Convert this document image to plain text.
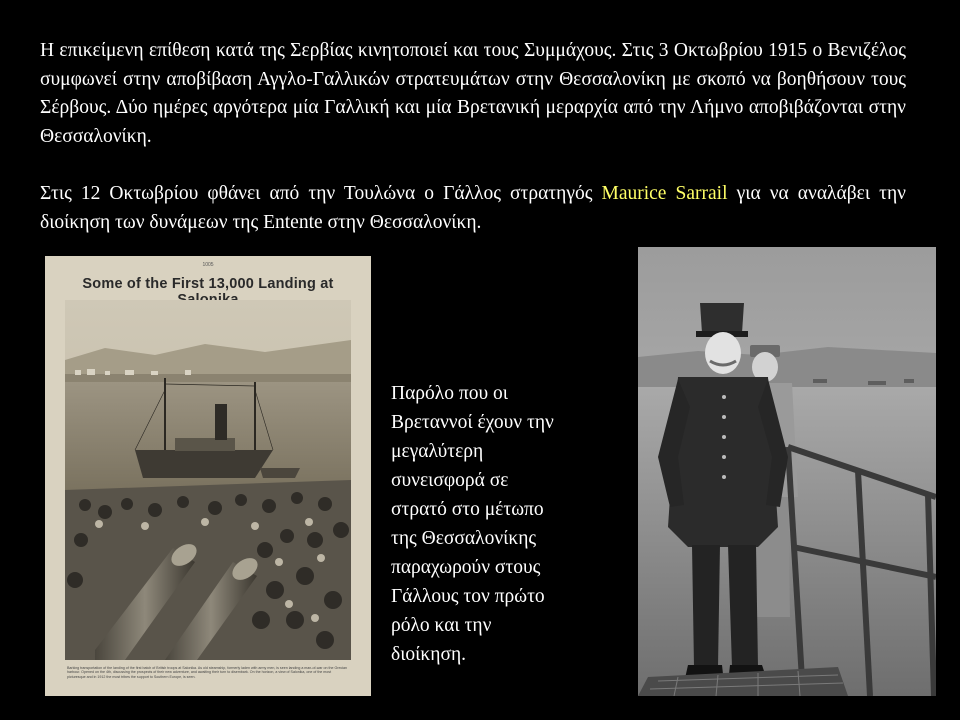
Η επικείμενη επίθεση κατά της Σερβίας κινητοποιεί και τους Συμμάχους. Στις 3 Οκτωβρίου 1915 ο Βενιζέλος συμφωνεί στην αποβίβαση Αγγλο-Γαλλικών στρατευμάτων στην Θεσσαλονίκη με σκοπό να βοηθήσουν τους Σέρβους. Δύο ημέρες αργότερα μία Γαλλική και μία Βρετανική μεραρχία από την Λήμνο αποβιβάζονται στην Θεσσαλονίκη.

Στις 12 Οκτωβρίου φθάνει από την Τουλώνα ο Γάλλος στρατηγός Maurice Sarrail για να αναλάβει την διοίκηση των δυνάμεων της Entente στην Θεσσαλονίκη.

1005
Some of the First 13,000 Landing at
Barking transportation of the landing of the first batch of British troops at Salonika. As old steamship, formerly laden with army men, is seen landing a man-of-war on the Grecian harbour. Opened on the 4th, discussing the prospects of their new adventure, and awaiting their turn to disembark. On the horizon, a view of Salonika, one of the most picturesque and in 1912 the most tribes the support to Southern Europe, is seen.

Παρόλο που οι
Βρεταννοί έχουν την
μεγαλύτερη
συνεισφορά σε
στρατό στο μέτωπο
της Θεσσαλονίκης
παραχωρούν στους
Γάλλους τον πρώτο
ρόλο και την
διοίκηση.
